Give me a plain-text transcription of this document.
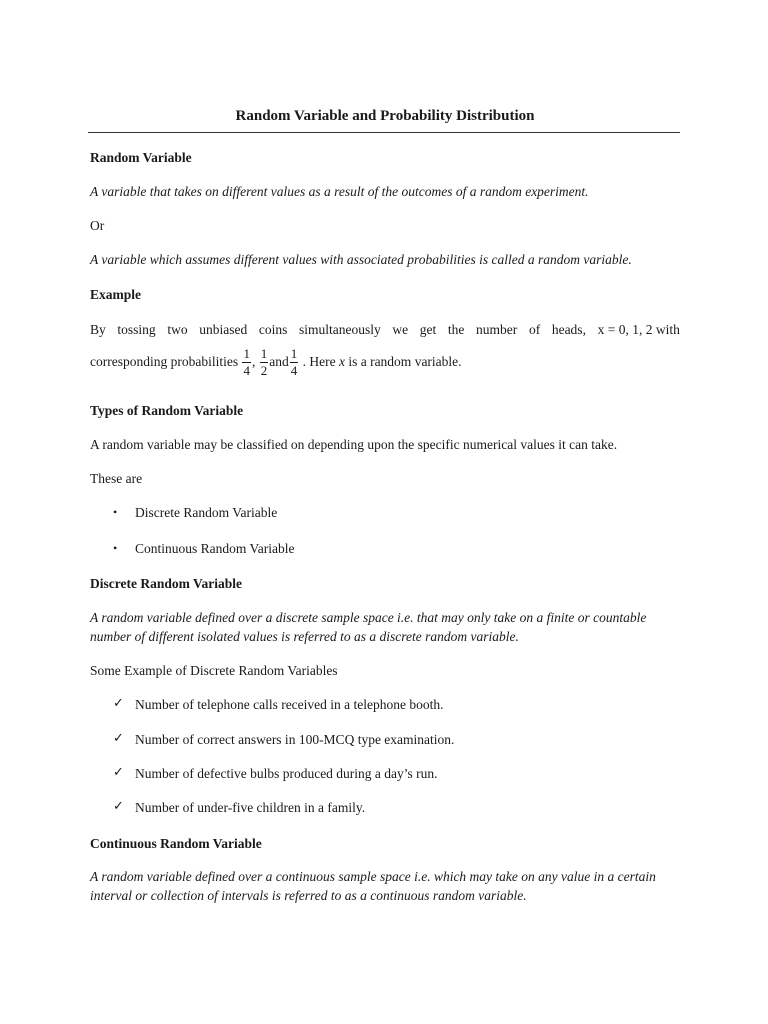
Random Variable and Probability Distribution
Random Variable
A variable that takes on different values as a result of the outcomes of a random experiment.
Or
A variable which assumes different values with associated probabilities is called a random variable.
Example
By tossing two unbiased coins simultaneously we get the number of heads, x = 0, 1, 2 with
corresponding probabilities $\frac{1}{4}$ , $\frac{1}{2}$ and $\frac{1}{4}$ . Here x is a random variable.
Types of Random Variable
A random variable may be classified on depending upon the specific numerical values it can take.
These are
• Discrete Random Variable
• Continuous Random Variable
Discrete Random Variable
A random variable defined over a discrete sample space i.e. that may only take on a finite or countable
number of different isolated values is referred to as a discrete random variable.
Some Example of Discrete Random Variables
✓ Number of telephone calls received in a telephone booth.
✓ Number of correct answers in 100-MCQ type examination.
✓ Number of defective bulbs produced during a day’s run.
✓ Number of under-five children in a family.
Continuous Random Variable
A random variable defined over a continuous sample space i.e. which may take on any value in a certain
interval or collection of intervals is referred to as a continuous random variable.
